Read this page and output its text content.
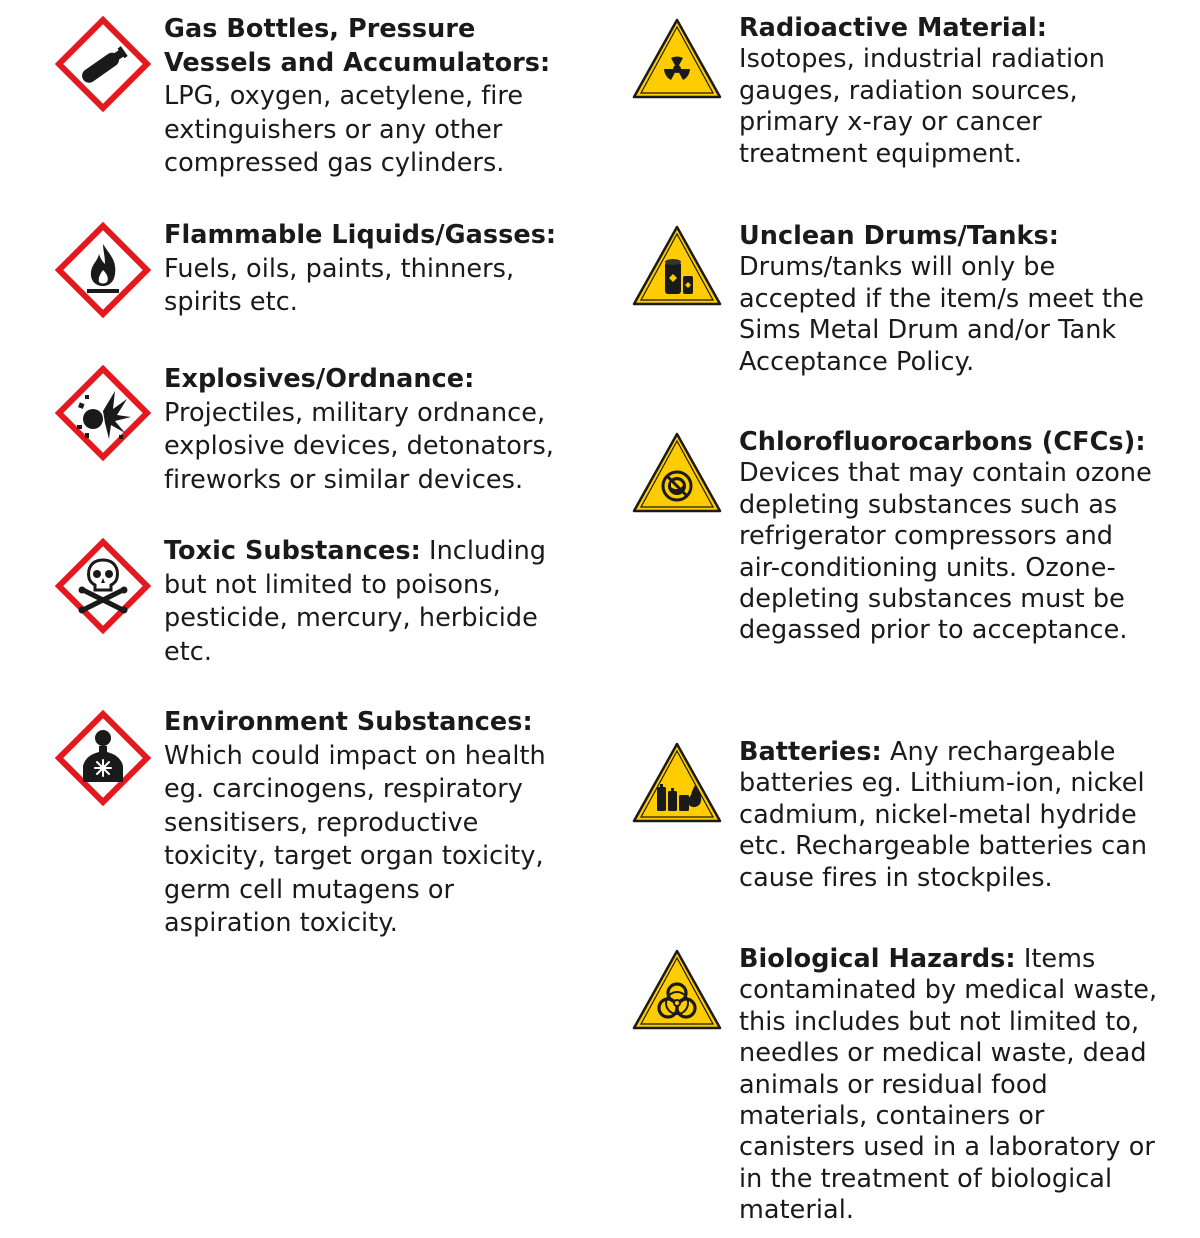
Gas Bottles, Pressure Vessels and Accumulators: LPG, oxygen, acetylene, fire extinguishers or any other compressed gas cylinders.
Flammable Liquids/Gasses: Fuels, oils, paints, thinners, spirits etc.
Explosives/Ordnance: Projectiles, military ordnance, explosive devices, detonators, fireworks or similar devices.
Toxic Substances: Including but not limited to poisons, pesticide, mercury, herbicide etc.
Environment Substances: Which could impact on health eg. carcinogens, respiratory sensitisers, reproductive toxicity, target organ toxicity, germ cell mutagens or aspiration toxicity.
Radioactive Material: Isotopes, industrial radiation gauges, radiation sources, primary x-ray or cancer treatment equipment.
Unclean Drums/Tanks: Drums/tanks will only be accepted if the item/s meet the Sims Metal Drum and/or Tank Acceptance Policy.
Chlorofluorocarbons (CFCs): Devices that may contain ozone depleting substances such as refrigerator compressors and air-conditioning units. Ozone-depleting substances must be degassed prior to acceptance.
Batteries: Any rechargeable batteries eg. Lithium-ion, nickel cadmium, nickel-metal hydride etc. Rechargeable batteries can cause fires in stockpiles.
Biological Hazards: Items contaminated by medical waste, this includes but not limited to, needles or medical waste, dead animals or residual food materials, containers or canisters used in a laboratory or in the treatment of biological material.
